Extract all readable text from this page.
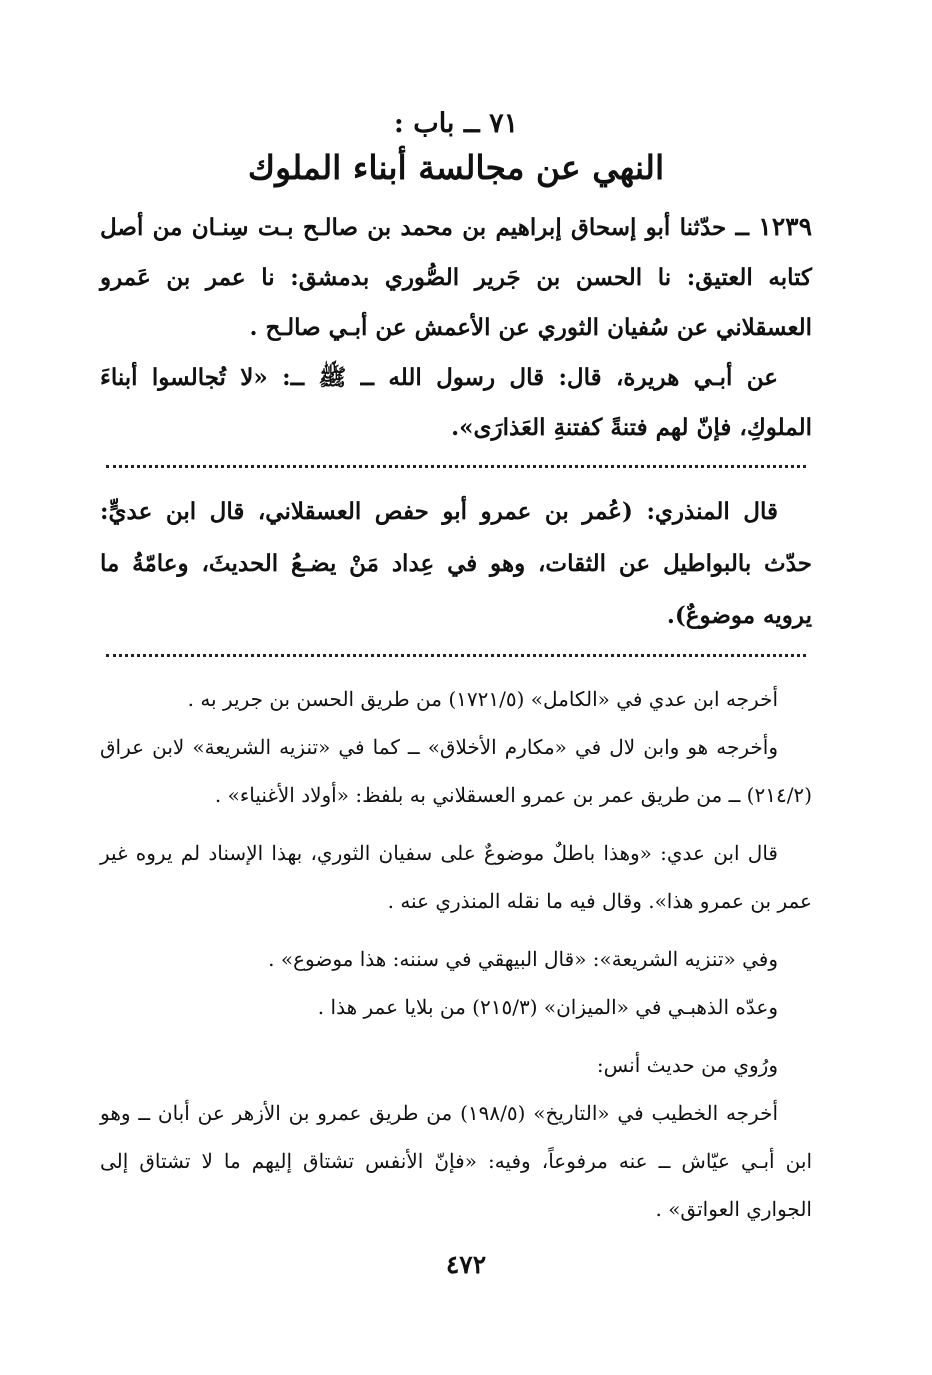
٧١ ــ باب :
النهي عن مجالسة أبناء الملوك

١٢٣٩ ــ حدّثنا أبو إسحاق إبراهيم بن محمد بن صالـح بـت سِنـان من أصل كتابه العتيق: نا الحسن بن جَرير الصُّوري بدمشق: نا عمر بن عَمرو العسقلاني عن سُفيان الثوري عن الأعمش عن أبـي صالـح .

عن أبـي هريرة، قال: قال رسول الله ــ ﷺ ــ: «لا تُجالسوا أبناءَ الملوكِ، فإنّ لهم فتنةً كفتنةِ العَذارَى».

قال المنذري: (عُمر بن عمرو أبو حفص العسقلاني، قال ابن عديٍّ: حدّث بالبواطيل عن الثقات، وهو في عِداد مَنْ يضـعُ الحديثَ، وعامّةُ ما يرويه موضوعٌ).

أخرجه ابن عدي في «الكامل» (١٧٢١/٥) من طريق الحسن بن جرير به .

وأخرجه هو وابن لال في «مكارم الأخلاق» ــ كما في «تنزيه الشريعة» لابن عراق (٢١٤/٢) ــ من طريق عمر بن عمرو العسقلاني به بلفظ: «أولاد الأغنياء» .

قال ابن عدي: «وهذا باطلٌ موضوعٌ على سفيان الثوري، بهذا الإسناد لم يروه غير عمر بن عمرو هذا». وقال فيه ما نقله المنذري عنه .

وفي «تنزيه الشريعة»: «قال البيهقي في سننه: هذا موضوع» .

وعدّه الذهبـي في «الميزان» (٢١٥/٣) من بلايا عمر هذا .

ورُوي من حديث أنس:

أخرجه الخطيب في «التاريخ» (١٩٨/٥) من طريق عمرو بن الأزهر عن أبان ــ وهو ابن أبـي عيّاش ــ عنه مرفوعاً، وفيه: «فإنّ الأنفس تشتاق إليهم ما لا تشتاق إلى الجواري العواتق» .

٤٧٢
